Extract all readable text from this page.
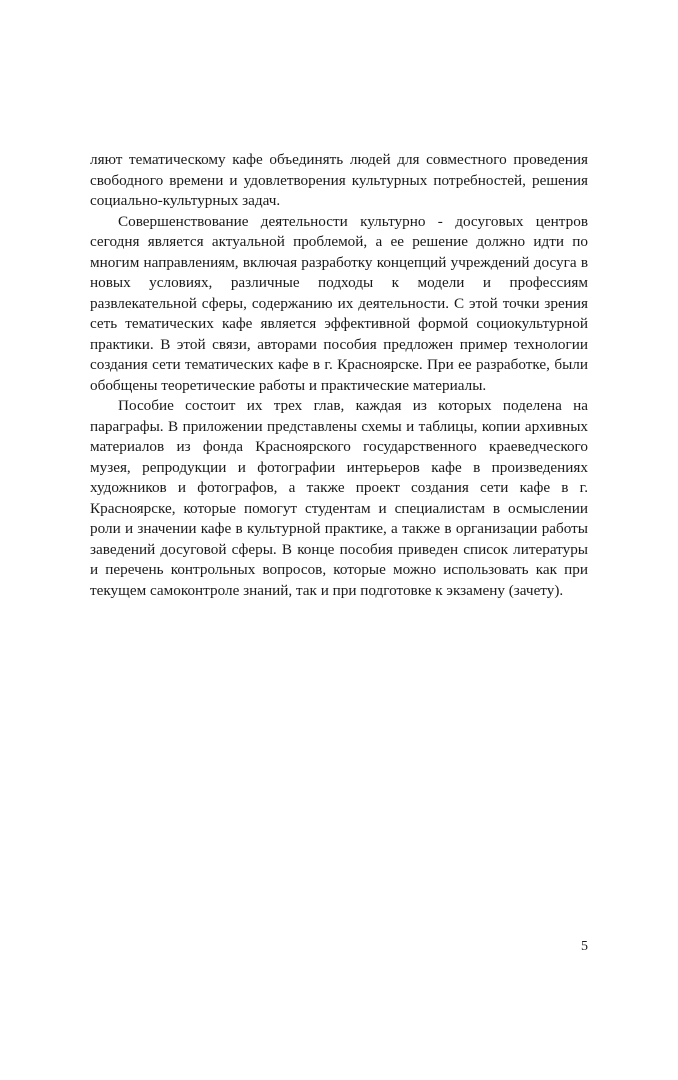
ляют тематическому кафе объединять людей для совместного проведения свободного времени и удовлетворения культурных потребностей, решения социально-культурных задач.

Совершенствование деятельности культурно - досуговых центров сегодня является актуальной проблемой, а ее решение должно идти по многим направлениям, включая разработку концепций учреждений досуга в новых условиях, различные подходы к модели и профессиям развлекательной сферы, содержанию их деятельности. С этой точки зрения сеть тематических кафе является эффективной формой социокультурной практики. В этой связи, авторами пособия предложен пример технологии создания сети тематических кафе в г. Красноярске. При ее разработке, были обобщены теоретические работы и практические материалы.

Пособие состоит их трех глав, каждая из которых поделена на параграфы. В приложении представлены схемы и таблицы, копии архивных материалов из фонда Красноярского государственного краеведческого музея, репродукции и фотографии интерьеров кафе в произведениях художников и фотографов, а также проект создания сети кафе в г. Красноярске, которые помогут студентам и специалистам в осмыслении роли и значении кафе в культурной практике, а также в организации работы заведений досуговой сферы. В конце пособия приведен список литературы и перечень контрольных вопросов, которые можно использовать как при текущем самоконтроле знаний, так и при подготовке к экзамену (зачету).

5
